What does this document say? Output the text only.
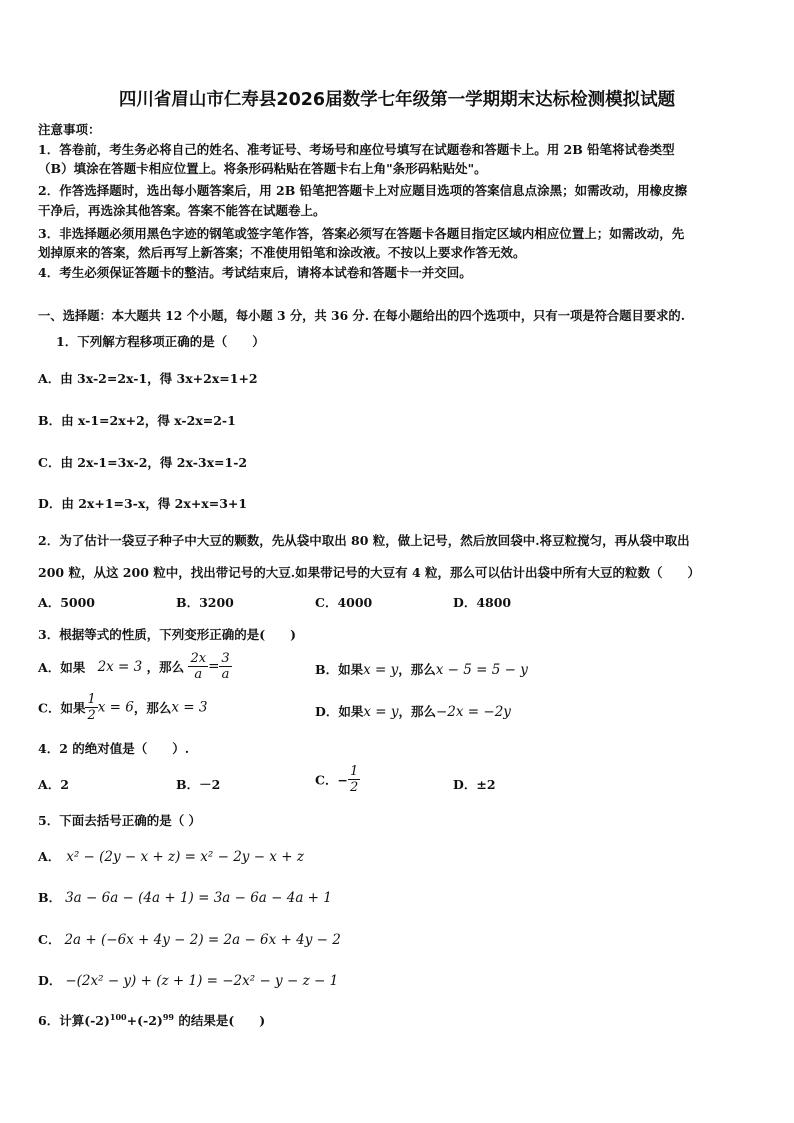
四川省眉山市仁寿县2026届数学七年级第一学期期末达标检测模拟试题
注意事项：
1．答卷前，考生务必将自己的姓名、准考证号、考场号和座位号填写在试题卷和答题卡上。用 2B 铅笔将试卷类型
（B）填涂在答题卡相应位置上。将条形码粘贴在答题卡右上角"条形码粘贴处"。
2．作答选择题时，选出每小题答案后，用 2B 铅笔把答题卡上对应题目选项的答案信息点涂黑；如需改动，用橡皮擦
干净后，再选涂其他答案。答案不能答在试题卷上。
3．非选择题必须用黑色字迹的钢笔或签字笔作答，答案必须写在答题卡各题目指定区域内相应位置上；如需改动，先
划掉原来的答案，然后再写上新答案；不准使用铅笔和涂改液。不按以上要求作答无效。
4．考生必须保证答题卡的整洁。考试结束后，请将本试卷和答题卡一并交回。
一、选择题：本大题共 12 个小题，每小题 3 分，共 36 分. 在每小题给出的四个选项中，只有一项是符合题目要求的.
1．下列解方程移项正确的是（　　）
A．由 3x-2=2x-1，得 3x+2x=1+2
B．由 x-1=2x+2，得 x-2x=2-1
C．由 2x-1=3x-2，得 2x-3x=1-2
D．由 2x+1=3-x，得 2x+x=3+1
2．为了估计一袋豆子种子中大豆的颗数，先从袋中取出 80 粒，做上记号，然后放回袋中.将豆粒搅匀，再从袋中取出
200 粒，从这 200 粒中，找出带记号的大豆.如果带记号的大豆有 4 粒，那么可以估计出袋中所有大豆的粒数（　　）
A．5000	B．3200	C．4000	D．4800
3．根据等式的性质，下列变形正确的是(　　)
A．如果 2x = 3 ，那么 $\frac{2x}{a} = \frac{3}{a}$	B．如果x = y，那么x − 5 = 5 − y
C．如果 $\frac{1}{2}$ x = 6，那么x = 3	D．如果x = y，那么−2x = −2y
4．2 的绝对值是（　　）.
A．2	B．－2	C．− $\frac{1}{2}$	D．±2
5．下面去括号正确的是（ ）
A． x² − (2y − x + z) = x² − 2y − x + z
B． 3a − 6a − (4a + 1) = 3a − 6a − 4a + 1
C． 2a + (−6x + 4y − 2) = 2a − 6x + 4y − 2
D． −(2x² − y) + (z + 1) = −2x² − y − z − 1
6．计算$(-2)^{100}+(-2)^{99}$ 的结果是(　　)
